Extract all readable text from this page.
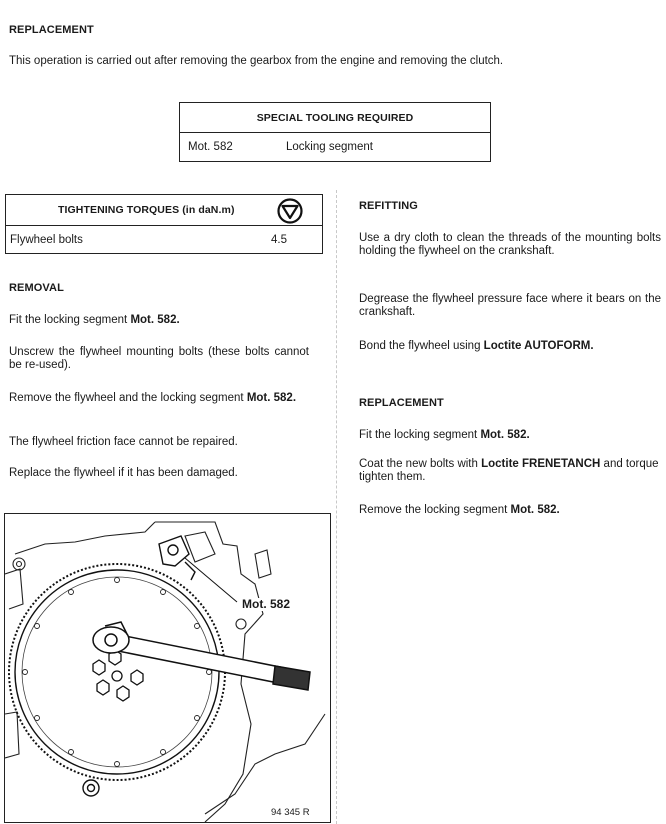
REPLACEMENT

This operation is carried out after removing the gearbox from the engine and removing the clutch.

SPECIAL TOOLING REQUIRED
Mot. 582	Locking segment
TIGHTENING TORQUES (in daN.m)
Flywheel bolts	4.5
REMOVAL

Fit the locking segment Mot. 582.

Unscrew the flywheel mounting bolts (these bolts cannot be re-used).

Remove the flywheel and the locking segment Mot. 582.

The flywheel friction face cannot be repaired.

Replace the flywheel if it has been damaged.

REFITTING

Use a dry cloth to clean the threads of the mounting bolts holding the flywheel on the crankshaft.

Degrease the flywheel pressure face where it bears on the crankshaft.

Bond the flywheel using Loctite AUTOFORM.

REPLACEMENT

Fit the locking segment Mot. 582.

Coat the new bolts with Loctite FRENETANCH and torque tighten them.

Remove the locking segment Mot. 582.

Mot. 582
94 345 R
